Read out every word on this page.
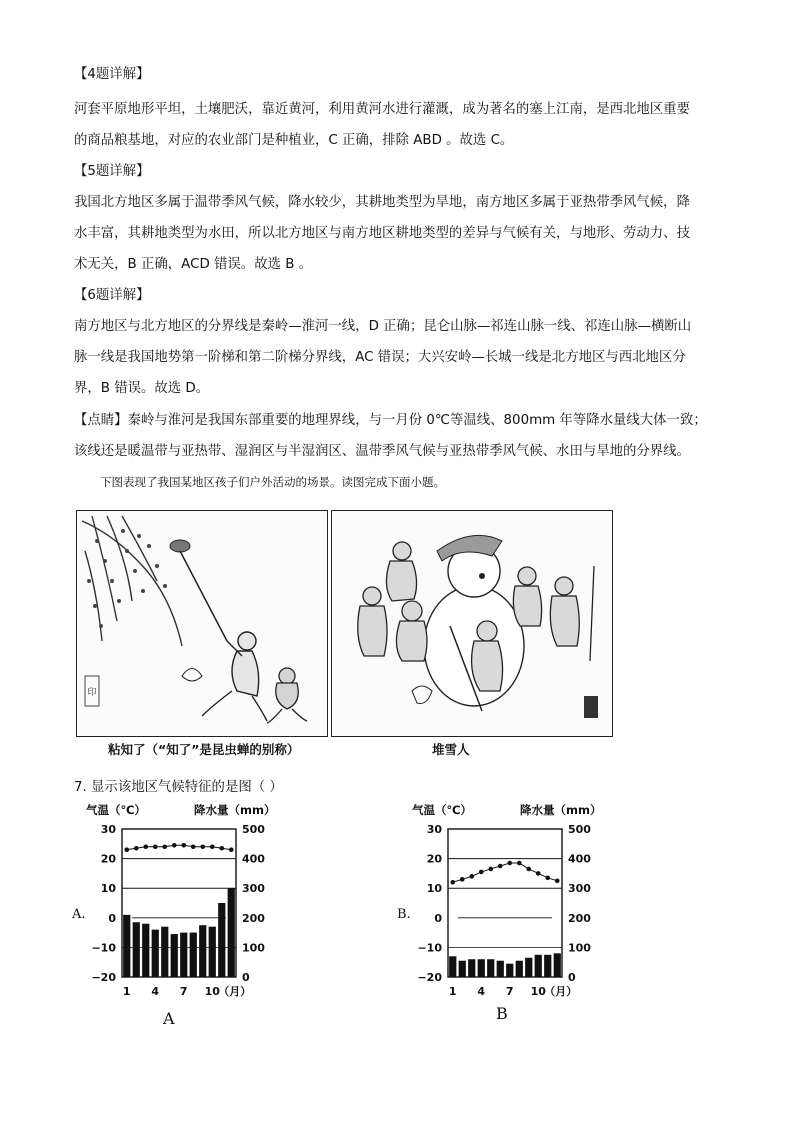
【4题详解】
河套平原地形平坦，土壤肥沃，靠近黄河，利用黄河水进行灌溉，成为著名的塞上江南，是西北地区重要
的商品粮基地，对应的农业部门是种植业，C 正确，排除 ABD 。故选 C。
【5题详解】
我国北方地区多属于温带季风气候，降水较少，其耕地类型为旱地，南方地区多属于亚热带季风气候，降
水丰富，其耕地类型为水田，所以北方地区与南方地区耕地类型的差异与气候有关，与地形、劳动力、技
术无关，B 正确，ACD 错误。故选 B 。
【6题详解】
南方地区与北方地区的分界线是秦岭—淮河一线，D 正确；昆仑山脉—祁连山脉一线、祁连山脉—横断山
脉一线是我国地势第一阶梯和第二阶梯分界线，AC 错误；大兴安岭—长城一线是北方地区与西北地区分
界，B 错误。故选 D。
【点睛】秦岭与淮河是我国东部重要的地理界线，与一月份 0℃等温线、800mm 年等降水量线大体一致；
该线还是暖温带与亚热带、湿润区与半湿润区、温带季风气候与亚热带季风气候、水田与旱地的分界线。
下图表现了我国某地区孩子们户外活动的场景。读图完成下面小题。
印
粘知了（“知了”是昆虫蝉的别称）	堆雪人
7. 显示该地区气候特征的是图（ ）
A.
气温（℃）	降水量（mm）
30
20
10
0
−10
−20
500
400
300
200
100
0
1 4 7 10
（月）
A
B.
气温（℃）	降水量（mm）
30
20
10
0
−10
−20
500
400
300
200
100
0
1 4 7 10
（月）
B
